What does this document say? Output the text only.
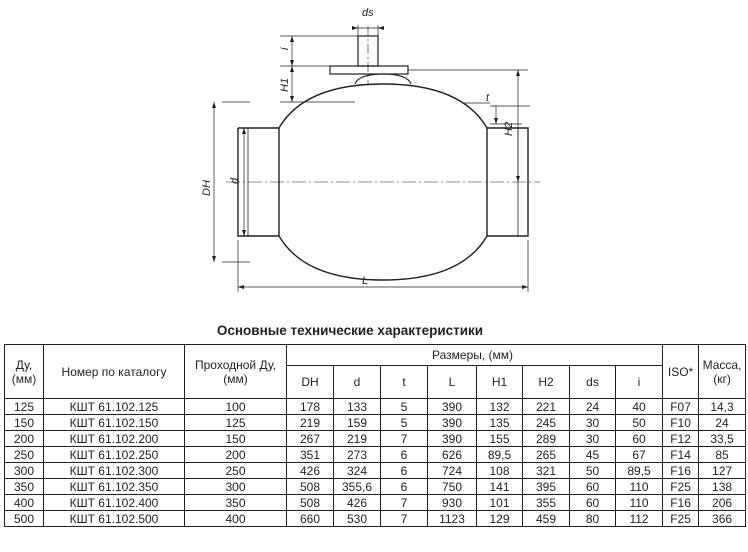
ds
i
H1
DH d
L
t
H2
Основные технические характеристики
Ду, (мм)	Номер по каталогу	Проходной Ду, (мм)	Размеры, (мм)								ISO*	Масса, (кг)
			DH	d	t	L	H1	H2	ds	i		
125	КШТ 61.102.125	100	178	133	5	390	132	221	24	40	F07	14,3
150	КШТ 61.102.150	125	219	159	5	390	135	245	30	50	F10	24
200	КШТ 61.102.200	150	267	219	7	390	155	289	30	60	F12	33,5
250	КШТ 61.102.250	200	351	273	6	626	89,5	265	45	67	F14	85
300	КШТ 61.102.300	250	426	324	6	724	108	321	50	89,5	F16	127
350	КШТ 61.102.350	300	508	355,6	6	750	141	395	60	110	F25	138
400	КШТ 61.102.400	350	508	426	7	930	101	355	60	110	F16	206
500	КШТ 61.102.500	400	660	530	7	1123	129	459	80	112	F25	366
